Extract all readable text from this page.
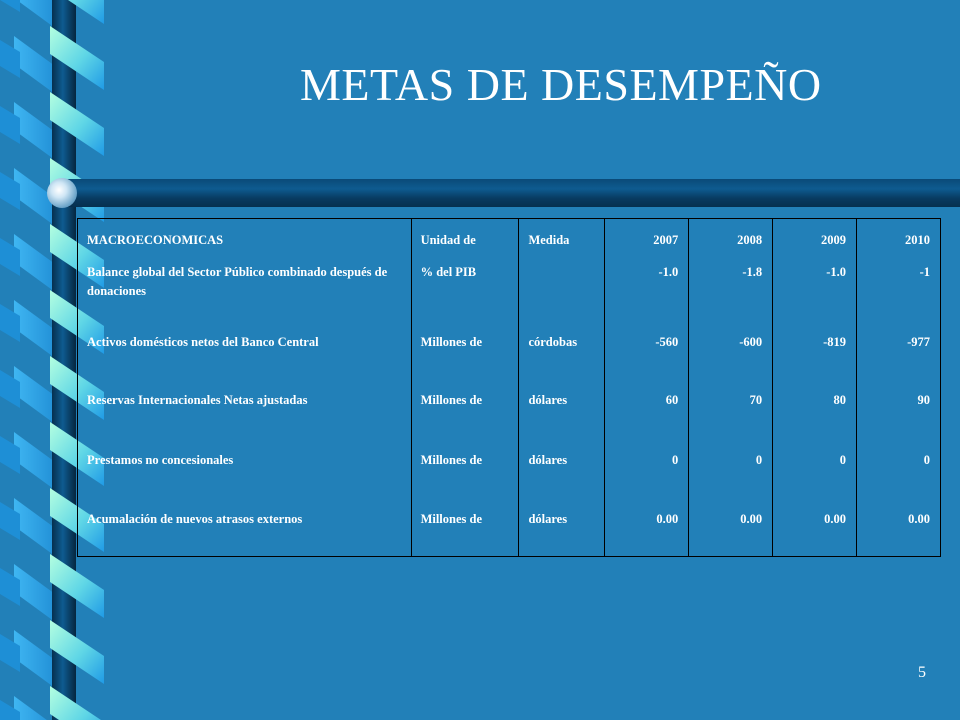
METAS DE DESEMPEÑO
MACROECONOMICAS	Unidad de	Medida	2007	2008	2009	2010
Balance global del Sector Público combinado después de donaciones	% del PIB		-1.0	-1.8	-1.0	-1
Activos domésticos netos del Banco Central	Millones de	córdobas	-560	-600	-819	-977
Reservas Internacionales Netas ajustadas	Millones de	dólares	60	70	80	90
Prestamos no concesionales	Millones de	dólares	0	0	0	0
Acumalación de nuevos atrasos externos	Millones de	dólares	0.00	0.00	0.00	0.00
5
